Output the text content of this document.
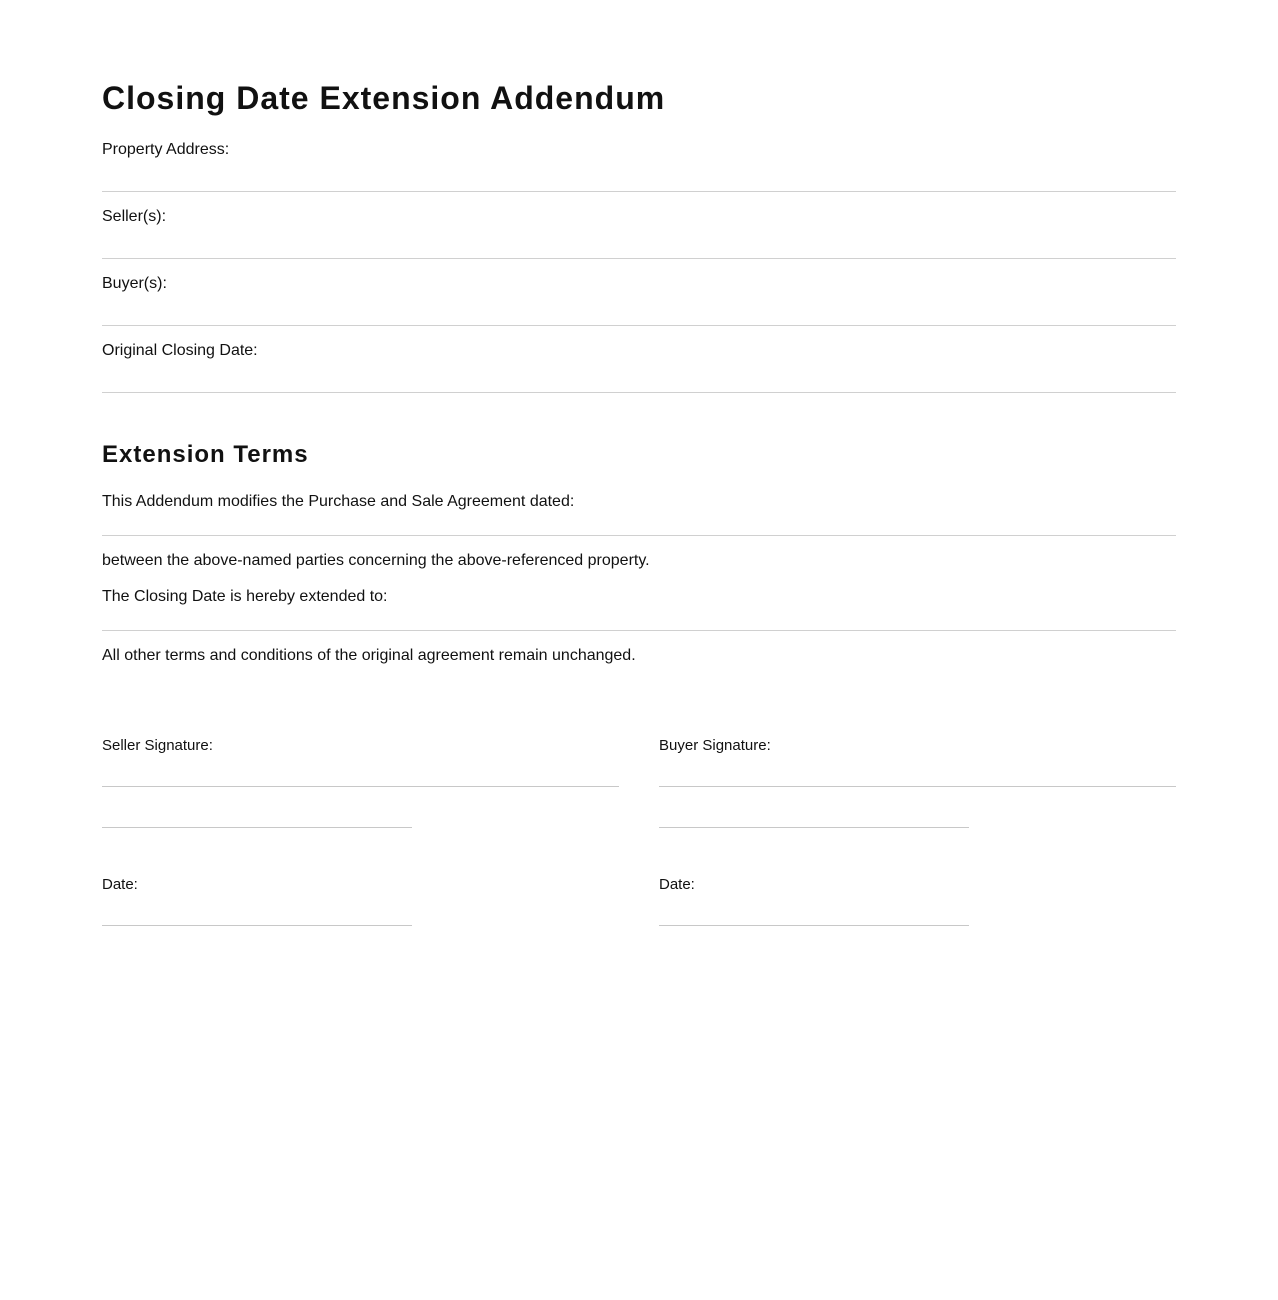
Closing Date Extension Addendum
Property Address:
Seller(s):
Buyer(s):
Original Closing Date:
Extension Terms
This Addendum modifies the Purchase and Sale Agreement dated:
between the above-named parties concerning the above-referenced property.
The Closing Date is hereby extended to:
All other terms and conditions of the original agreement remain unchanged.
Seller Signature:
Date:
Buyer Signature:
Date:
